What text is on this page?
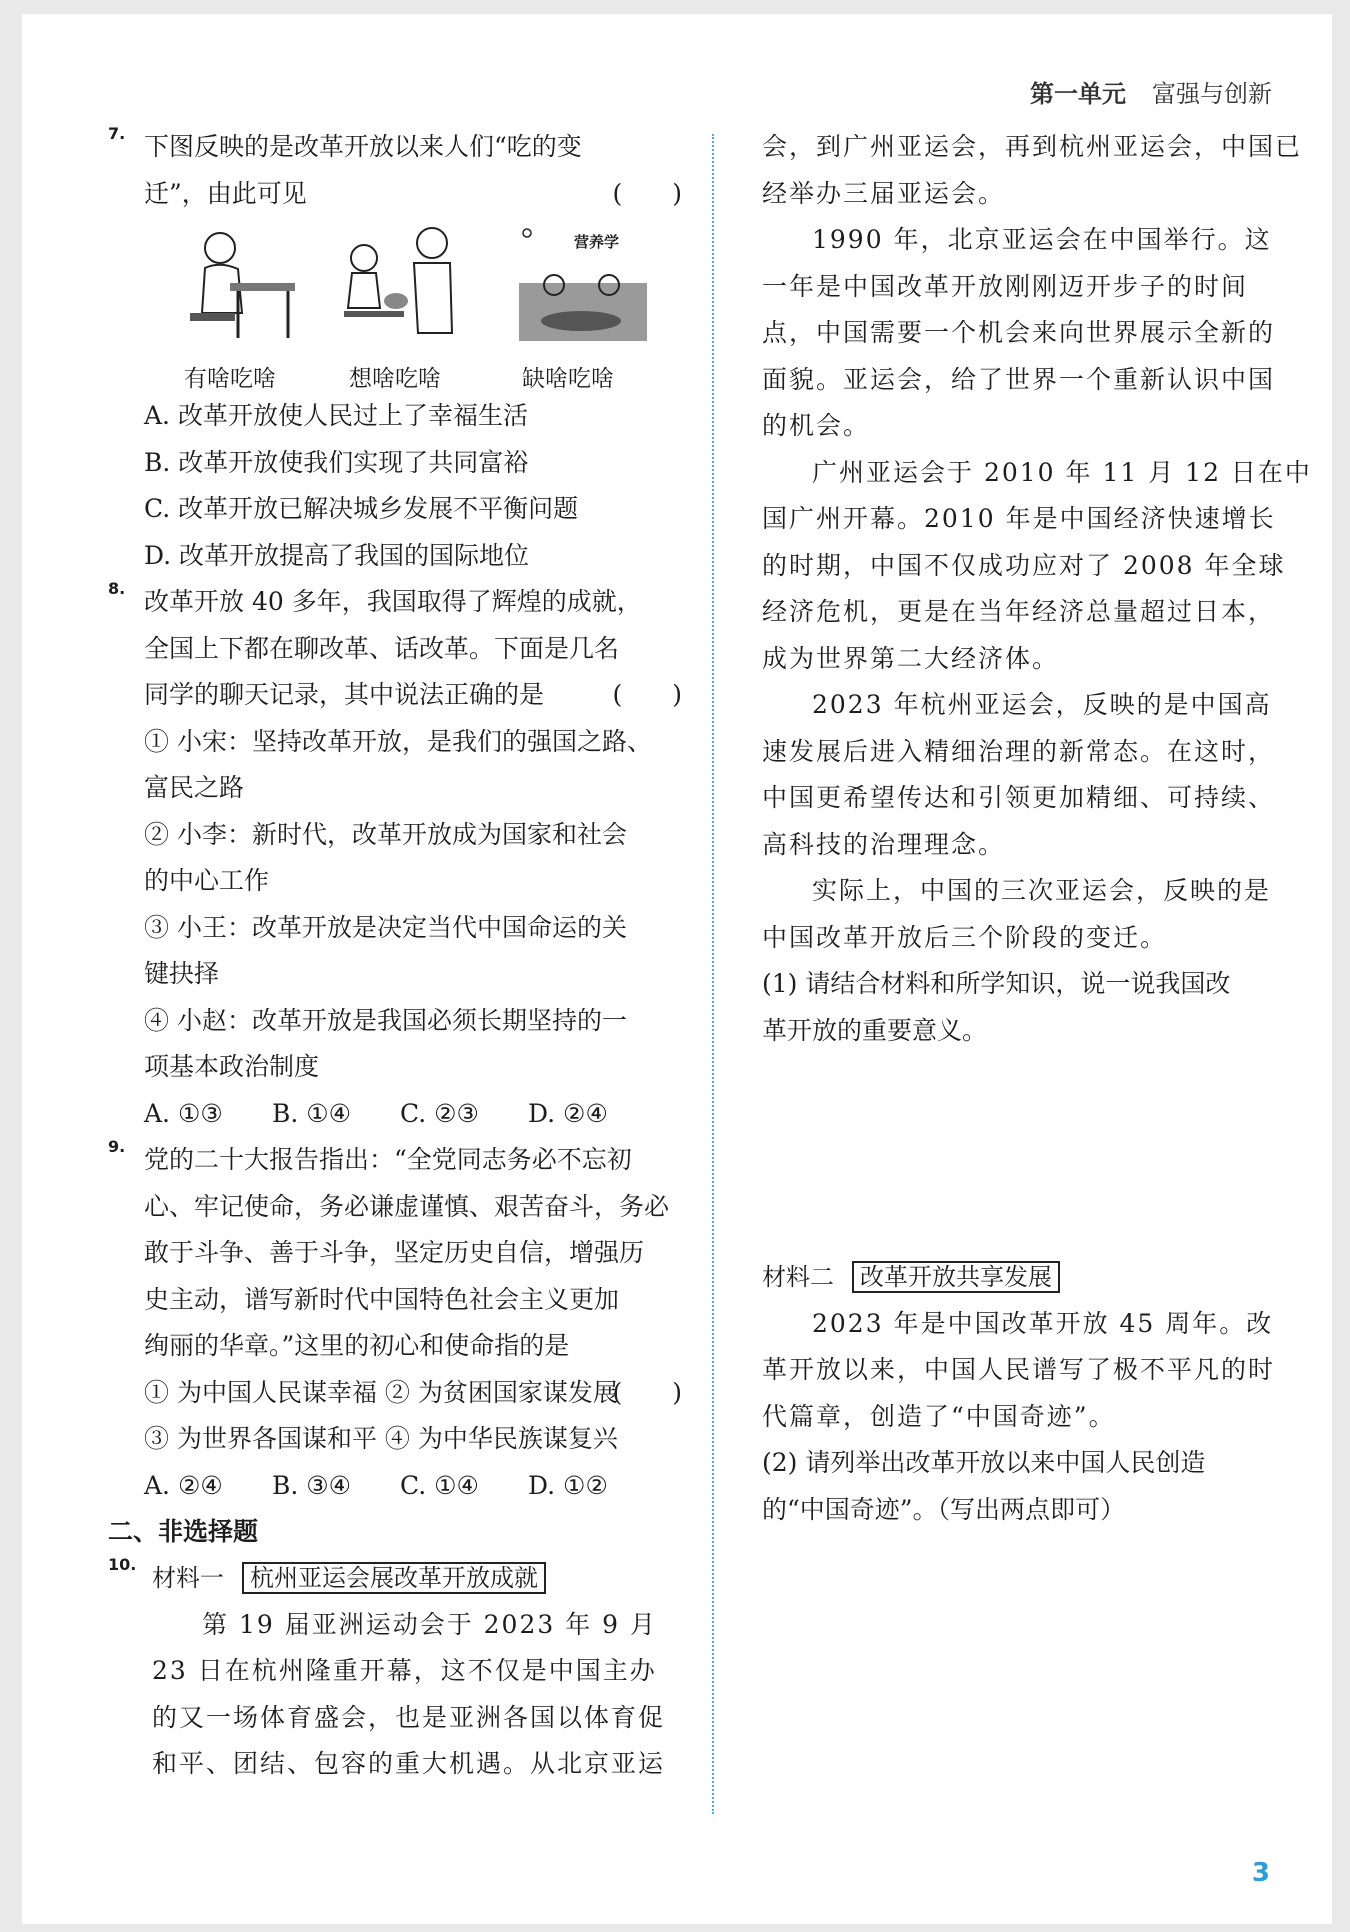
第一单元 富强与创新
7. 下图反映的是改革开放以来人们“吃的变
迁”，由此可见	(　　)
有啥吃啥	想啥吃啥
营养学
缺啥吃啥
A. 改革开放使人民过上了幸福生活
B. 改革开放使我们实现了共同富裕
C. 改革开放已解决城乡发展不平衡问题
D. 改革开放提高了我国的国际地位
8. 改革开放 40 多年，我国取得了辉煌的成就，
全国上下都在聊改革、话改革。下面是几名
同学的聊天记录，其中说法正确的是	(　　)
① 小宋：坚持改革开放，是我们的强国之路、
富民之路
② 小李：新时代，改革开放成为国家和社会
的中心工作
③ 小王：改革开放是决定当代中国命运的关
键抉择
④ 小赵：改革开放是我国必须长期坚持的一
项基本政治制度
A. ①③ B. ①④ C. ②③ D. ②④
9. 党的二十大报告指出：“全党同志务必不忘初
心、牢记使命，务必谦虚谨慎、艰苦奋斗，务必
敢于斗争、善于斗争，坚定历史自信，增强历
史主动，谱写新时代中国特色社会主义更加
绚丽的华章。”这里的初心和使命指的是
(　　)
① 为中国人民谋幸福 ② 为贫困国家谋发展
③ 为世界各国谋和平 ④ 为中华民族谋复兴
A. ②④ B. ③④ C. ①④ D. ①②
二、非选择题
10. 材料一 杭州亚运会展改革开放成就
第 19 届亚洲运动会于 2023 年 9 月
23 日在杭州隆重开幕，这不仅是中国主办
的又一场体育盛会，也是亚洲各国以体育促
和平、团结、包容的重大机遇。从北京亚运
会，到广州亚运会，再到杭州亚运会，中国已
经举办三届亚运会。
1990 年，北京亚运会在中国举行。这
一年是中国改革开放刚刚迈开步子的时间
点，中国需要一个机会来向世界展示全新的
面貌。亚运会，给了世界一个重新认识中国
的机会。
广州亚运会于 2010 年 11 月 12 日在中
国广州开幕。2010 年是中国经济快速增长
的时期，中国不仅成功应对了 2008 年全球
经济危机，更是在当年经济总量超过日本，
成为世界第二大经济体。
2023 年杭州亚运会，反映的是中国高
速发展后进入精细治理的新常态。在这时，
中国更希望传达和引领更加精细、可持续、
高科技的治理理念。
实际上，中国的三次亚运会，反映的是
中国改革开放后三个阶段的变迁。
(1) 请结合材料和所学知识，说一说我国改
革开放的重要意义。
材料二 改革开放共享发展
2023 年是中国改革开放 45 周年。改
革开放以来，中国人民谱写了极不平凡的时
代篇章，创造了“中国奇迹”。
(2) 请列举出改革开放以来中国人民创造
的“中国奇迹”。（写出两点即可）
3
